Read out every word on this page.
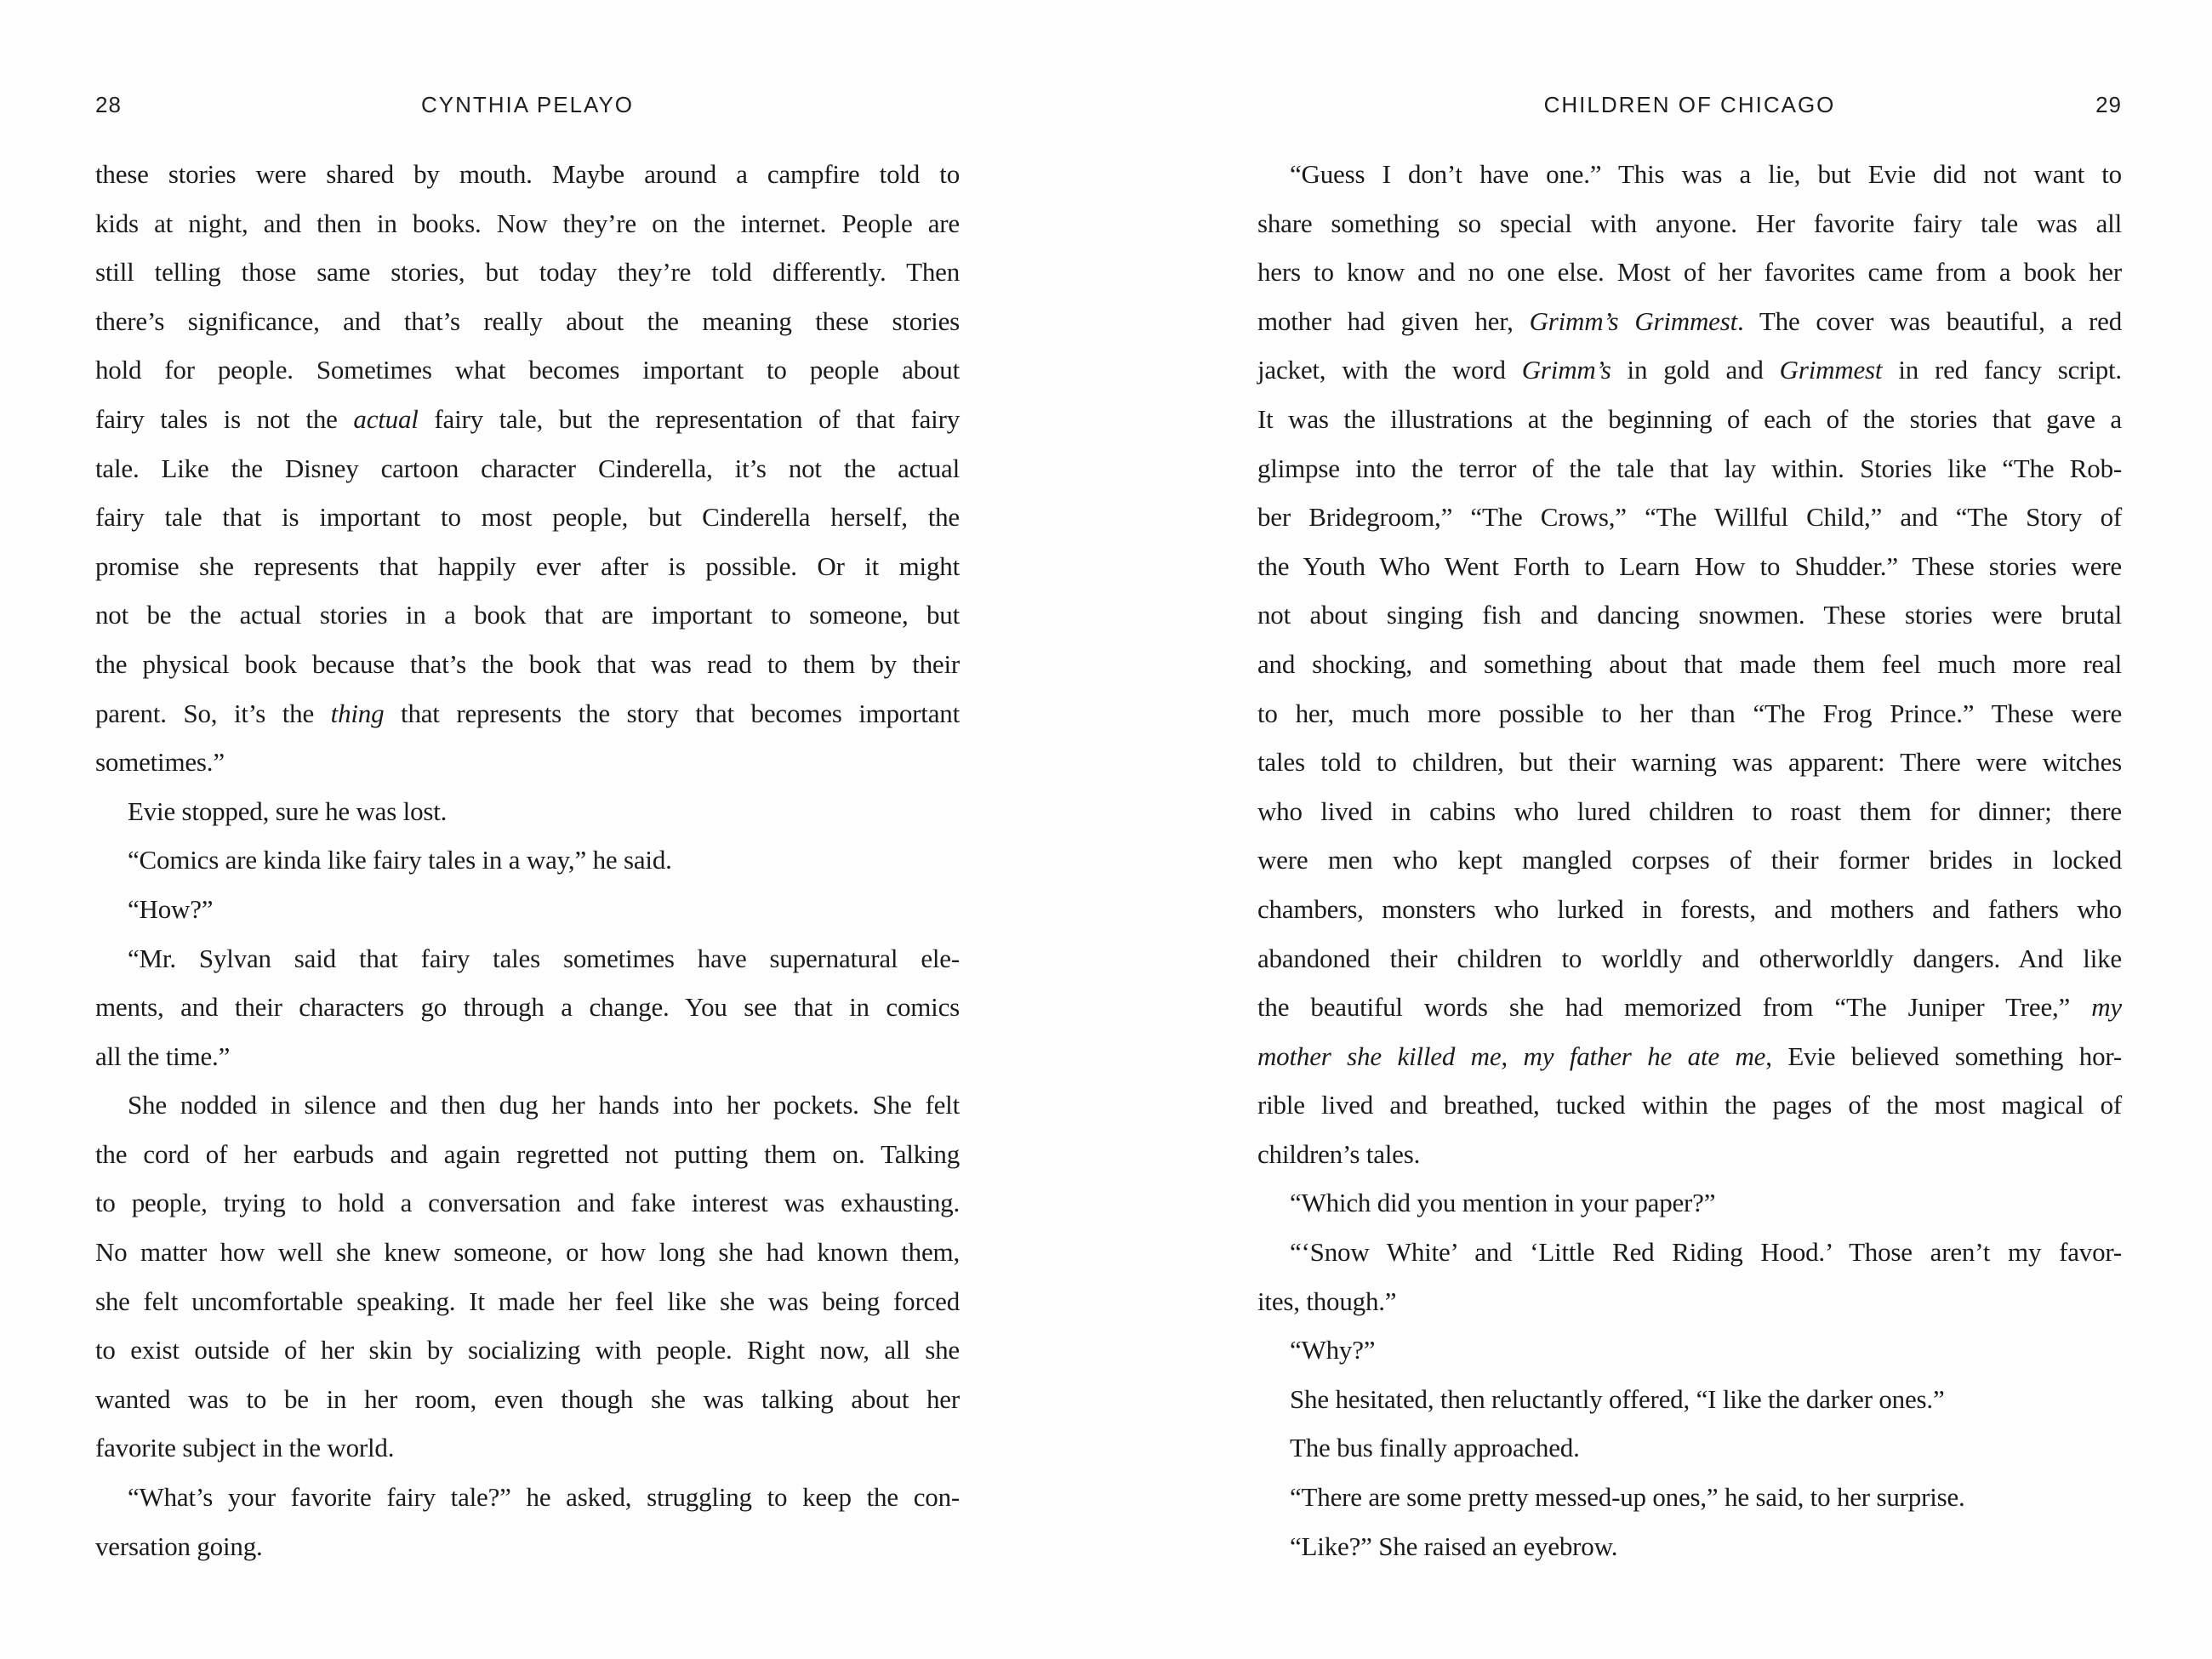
28	CYNTHIA PELAYO	CHILDREN OF CHICAGO	29
these stories were shared by mouth. Maybe around a campfire told to
kids at night, and then in books. Now they’re on the internet. People are
still telling those same stories, but today they’re told differently. Then
there’s significance, and that’s really about the meaning these stories
hold for people. Sometimes what becomes important to people about
fairy tales is not the actual fairy tale, but the representation of that fairy
tale. Like the Disney cartoon character Cinderella, it’s not the actual
fairy tale that is important to most people, but Cinderella herself, the
promise she represents that happily ever after is possible. Or it might
not be the actual stories in a book that are important to someone, but
the physical book because that’s the book that was read to them by their
parent. So, it’s the thing that represents the story that becomes important
sometimes.”
Evie stopped, sure he was lost.
“Comics are kinda like fairy tales in a way,” he said.
“How?”
“Mr. Sylvan said that fairy tales sometimes have supernatural ele-
ments, and their characters go through a change. You see that in comics
all the time.”
She nodded in silence and then dug her hands into her pockets. She felt
the cord of her earbuds and again regretted not putting them on. Talking
to people, trying to hold a conversation and fake interest was exhausting.
No matter how well she knew someone, or how long she had known them,
she felt uncomfortable speaking. It made her feel like she was being forced
to exist outside of her skin by socializing with people. Right now, all she
wanted was to be in her room, even though she was talking about her
favorite subject in the world.
“What’s your favorite fairy tale?” he asked, struggling to keep the con-
versation going.
“Guess I don’t have one.” This was a lie, but Evie did not want to
share something so special with anyone. Her favorite fairy tale was all
hers to know and no one else. Most of her favorites came from a book her
mother had given her, Grimm’s Grimmest. The cover was beautiful, a red
jacket, with the word Grimm’s in gold and Grimmest in red fancy script.
It was the illustrations at the beginning of each of the stories that gave a
glimpse into the terror of the tale that lay within. Stories like “The Rob-
ber Bridegroom,” “The Crows,” “The Willful Child,” and “The Story of
the Youth Who Went Forth to Learn How to Shudder.” These stories were
not about singing fish and dancing snowmen. These stories were brutal
and shocking, and something about that made them feel much more real
to her, much more possible to her than “The Frog Prince.” These were
tales told to children, but their warning was apparent: There were witches
who lived in cabins who lured children to roast them for dinner; there
were men who kept mangled corpses of their former brides in locked
chambers, monsters who lurked in forests, and mothers and fathers who
abandoned their children to worldly and otherworldly dangers. And like
the beautiful words she had memorized from “The Juniper Tree,” my
mother she killed me, my father he ate me, Evie believed something hor-
rible lived and breathed, tucked within the pages of the most magical of
children’s tales.
“Which did you mention in your paper?”
“‘Snow White’ and ‘Little Red Riding Hood.’ Those aren’t my favor-
ites, though.”
“Why?”
She hesitated, then reluctantly offered, “I like the darker ones.”
The bus finally approached.
“There are some pretty messed-up ones,” he said, to her surprise.
“Like?” She raised an eyebrow.
